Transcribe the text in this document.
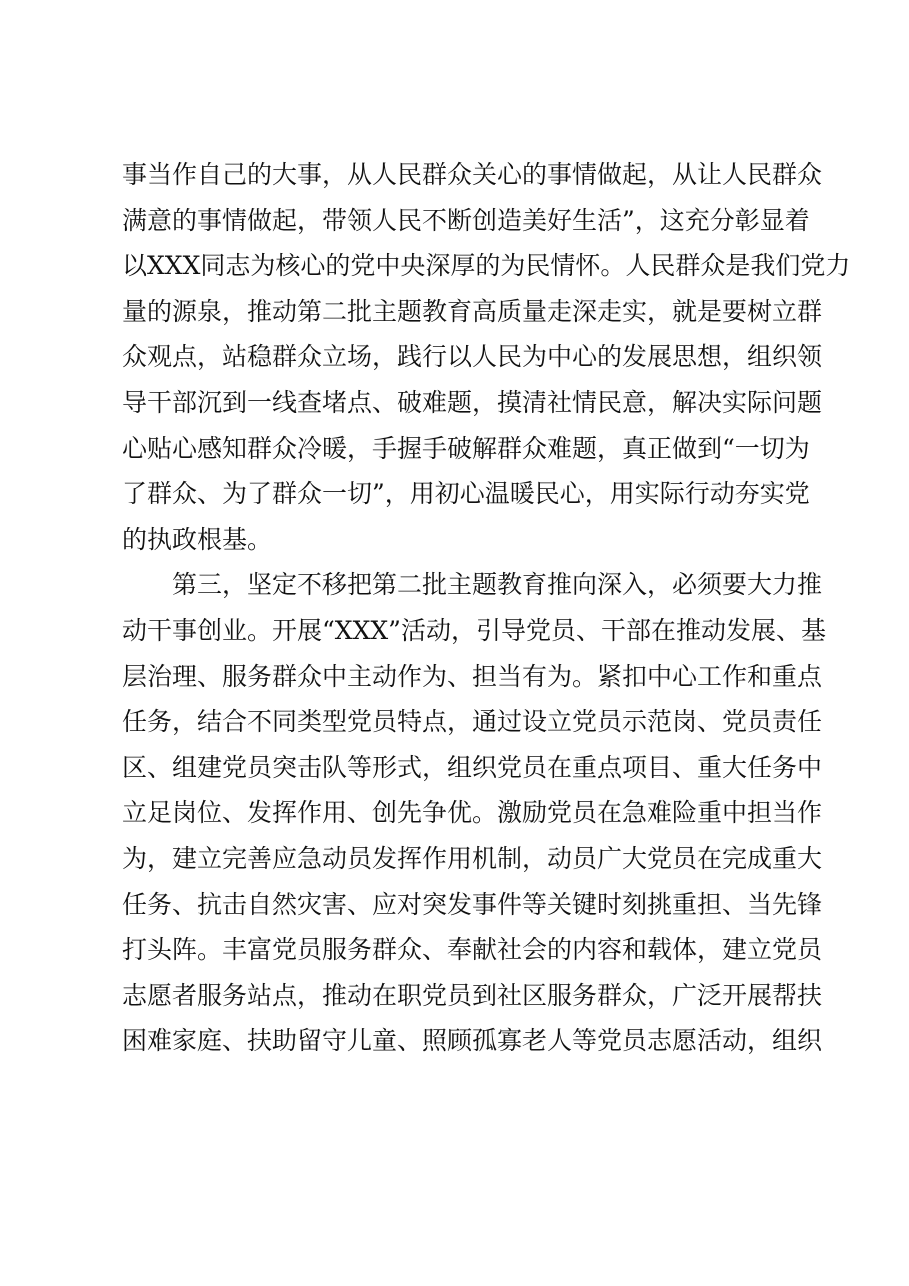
事当作自己的大事，从人民群众关心的事情做起，从让人民群众
满意的事情做起，带领人民不断创造美好生活”，这充分彰显着
以XXX同志为核心的党中央深厚的为民情怀。人民群众是我们党力
量的源泉，推动第二批主题教育高质量走深走实，就是要树立群
众观点，站稳群众立场，践行以人民为中心的发展思想，组织领
导干部沉到一线查堵点、破难题，摸清社情民意，解决实际问题
心贴心感知群众冷暖，手握手破解群众难题，真正做到“一切为
了群众、为了群众一切”，用初心温暖民心，用实际行动夯实党
的执政根基。
第三，坚定不移把第二批主题教育推向深入，必须要大力推
动干事创业。开展“XXX”活动，引导党员、干部在推动发展、基
层治理、服务群众中主动作为、担当有为。紧扣中心工作和重点
任务，结合不同类型党员特点，通过设立党员示范岗、党员责任
区、组建党员突击队等形式，组织党员在重点项目、重大任务中
立足岗位、发挥作用、创先争优。激励党员在急难险重中担当作
为，建立完善应急动员发挥作用机制，动员广大党员在完成重大
任务、抗击自然灾害、应对突发事件等关键时刻挑重担、当先锋
打头阵。丰富党员服务群众、奉献社会的内容和载体，建立党员
志愿者服务站点，推动在职党员到社区服务群众，广泛开展帮扶
困难家庭、扶助留守儿童、照顾孤寡老人等党员志愿活动，组织
